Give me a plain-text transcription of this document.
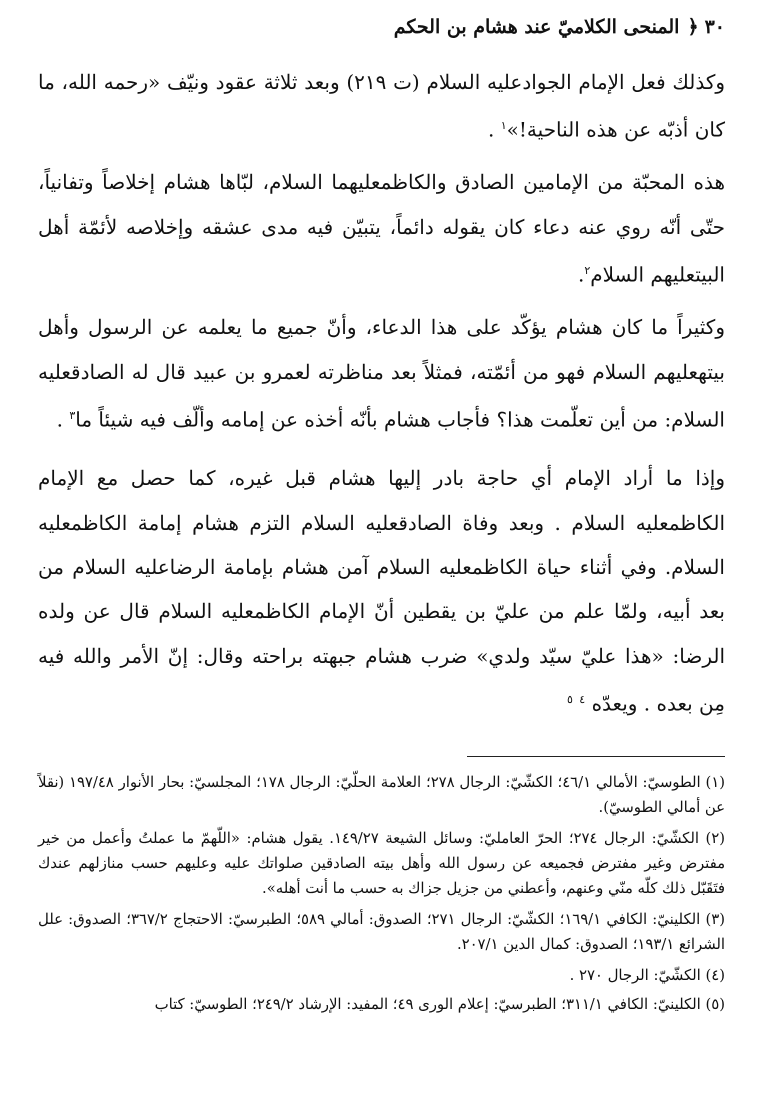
٣٠
﴿
المنحى الكلاميّ عند هشام بن الحكم

وكذلك فعل الإمام الجوادعليه السلام (ت ٢١٩) وبعد ثلاثة عقود ونيّف «رحمه الله، ما كان أذبّه عن هذه الناحية!»$^١$ .

هذه المحبّة من الإمامين الصادق والكاظمعليهما السلام، لبّاها هشام إخلاصاً وتفانياً، حتّى أنّه روي عنه دعاء كان يقوله دائماً، يتبيّن فيه مدى عشقه وإخلاصه لأئمّة أهل البيتعليهم السلام$^٢$.

وكثيراً ما كان هشام يؤكّد على هذا الدعاء، وأنّ جميع ما يعلمه عن الرسول وأهل بيتهعليهم السلام فهو من أئمّته، فمثلاً بعد مناظرته لعمرو بن عبيد قال له الصادقعليه السلام: من أين تعلّمت هذا؟ فأجاب هشام بأنّه أخذه عن إمامه وألّف فيه شيئاً ما$^٣$ .

وإذا ما أراد الإمام أي حاجة بادر إليها هشام قبل غيره، كما حصل مع الإمام الكاظمعليه السلام . وبعد وفاة الصادقعليه السلام التزم هشام إمامة الكاظمعليه السلام. وفي أثناء حياة الكاظمعليه السلام آمن هشام بإمامة الرضاعليه السلام من بعد أبيه، ولمّا علم من عليّ بن يقطين أنّ الإمام الكاظمعليه السلام قال عن ولده الرضا: «هذا عليّ سيّد ولدي» ضرب هشام جبهته براحته وقال: إنّ الأمر والله فيه مِن بعده . ويعدّه $^٤$ $^٥$

(١) الطوسيّ: الأمالي ٤٦/١؛ الكشّيّ: الرجال ٢٧٨؛ العلامة الحلّيّ: الرجال ١٧٨؛ المجلسيّ: بحار الأنوار ١٩٧/٤٨ (نقلاً عن أمالي الطوسيّ).

(٢) الكشّيّ: الرجال ٢٧٤؛ الحرّ العامليّ: وسائل الشيعة ١٤٩/٢٧. يقول هشام: «اللّهمّ ما عملتُ وأعمل من خير مفترض وغير مفترض فجميعه عن رسول الله وأهل بيته الصادقين صلواتك عليه وعليهم حسب منازلهم عندك فتَقَبّل ذلك كلّه منّي وعنهم، وأعطني من جزيل جزاك به حسب ما أنت أهله».

(٣) الكلينيّ: الكافي ١٦٩/١؛ الكشّيّ: الرجال ٢٧١؛ الصدوق: أمالي ٥٨٩؛ الطبرسيّ: الاحتجاج ٣٦٧/٢؛ الصدوق: علل الشرائع ١٩٣/١؛ الصدوق: كمال الدين ٢٠٧/١.

(٤) الكشّيّ: الرجال ٢٧٠ .

(٥) الكلينيّ: الكافي ٣١١/١؛ الطبرسيّ: إعلام الورى ٤٩؛ المفيد: الإرشاد ٢٤٩/٢؛ الطوسيّ: كتاب
